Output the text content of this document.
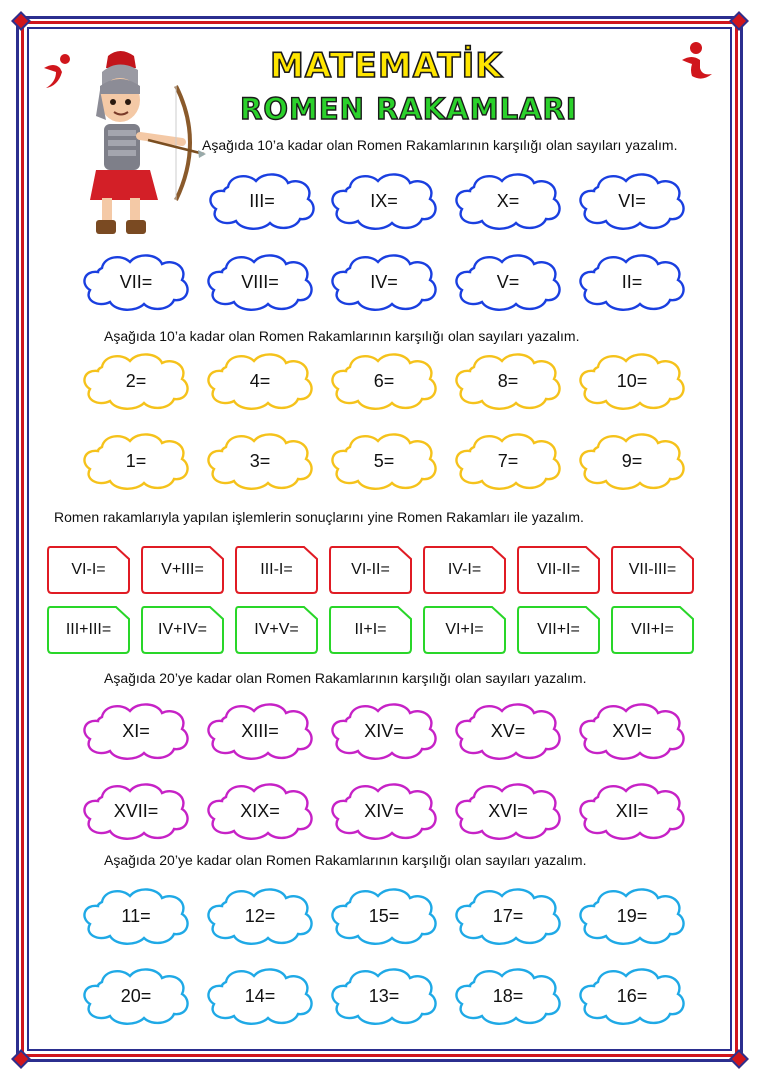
MATEMATİK
ROMEN RAKAMLARI
Aşağıda 10’a kadar olan Romen Rakamlarının karşılığı olan sayıları yazalım.
Aşağıda 10’a kadar olan Romen Rakamlarının karşılığı olan sayıları yazalım.
Romen rakamlarıyla yapılan işlemlerin sonuçlarını yine Romen Rakamları ile yazalım.
Aşağıda 20’ye kadar olan Romen Rakamlarının karşılığı olan sayıları yazalım.
Aşağıda 20’ye kadar olan Romen Rakamlarının karşılığı olan sayıları yazalım.
III=	IX=	X=	VI=
VII=	VIII=	IV=	V=	II=
2=	4=	6=	8=	10=
1=	3=	5=	7=	9=
VI-I=	V+III=	III-I=	VI-II=	IV-I=	VII-II=	VII-III=
III+III=	IV+IV=	IV+V=	II+I=	VI+I=	VII+I=	VII+I=
XI=	XIII=	XIV=	XV=	XVI=
XVII=	XIX=	XIV=	XVI=	XII=
11=	12=	15=	17=	19=
20=	14=	13=	18=	16=
